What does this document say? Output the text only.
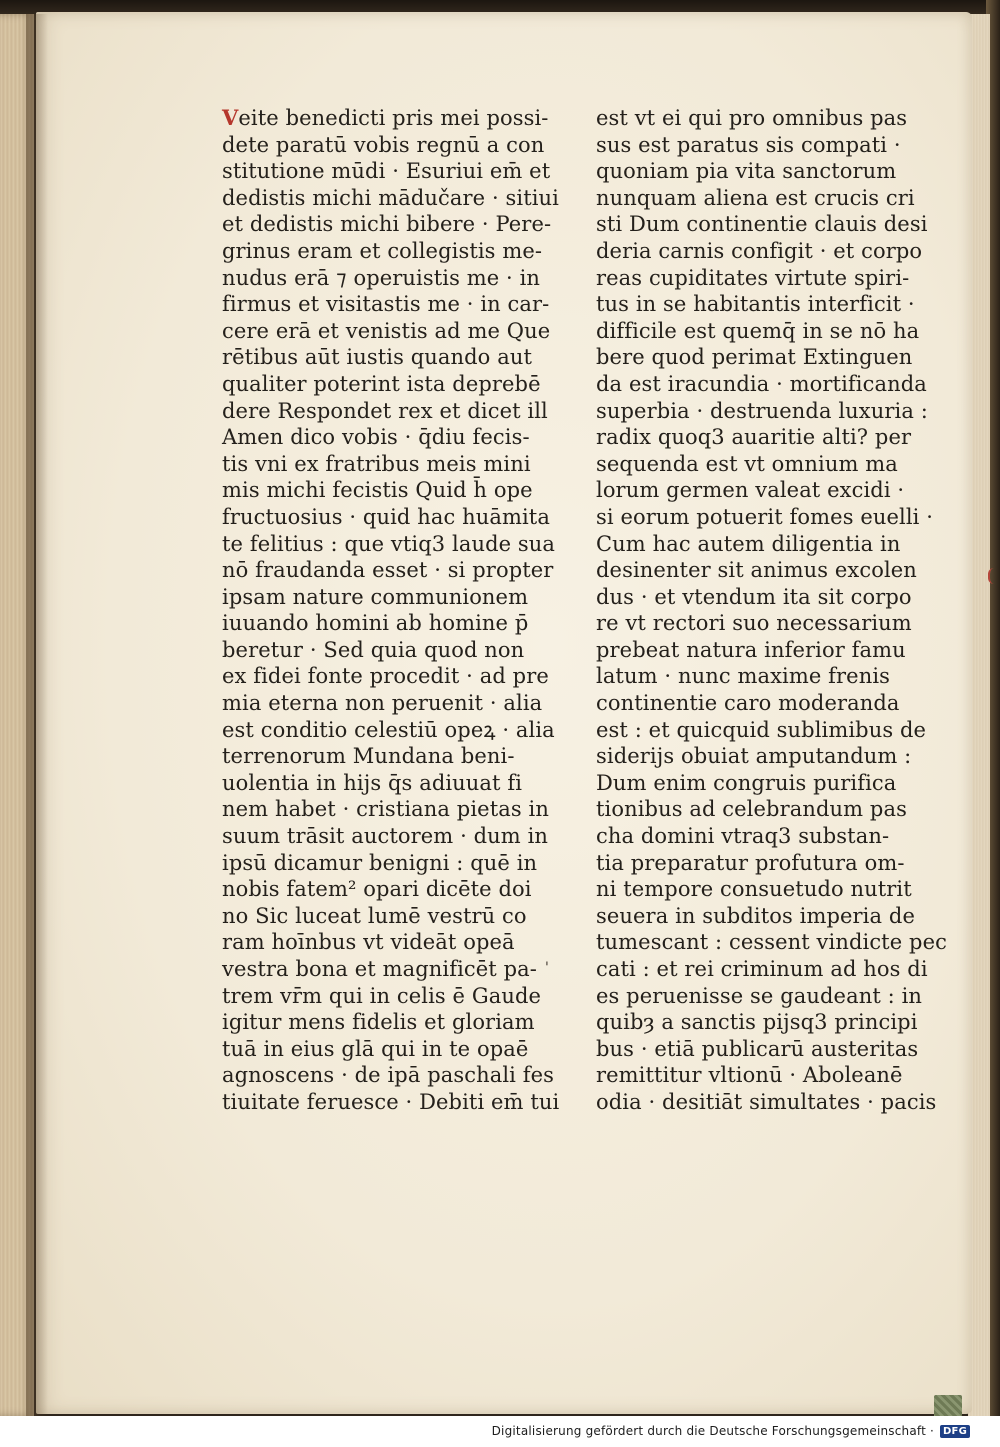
Veite benedicti pris mei possi-
dete paratū vobis regnū a con
stitutione mūdi · Esuriui em̄ et
dedistis michi mādučare · sitiui
et dedistis michi bibere · Pere-
grinus eram et collegistis me-
nudus erā ⁊ operuistis me · in
firmus et visitastis me · in car-
cere erā et venistis ad me Que
rētibus aūt iustis quando aut
qualiter poterint ista deprebē
dere Respondet rex et dicet ill
Amen dico vobis · q̄diu fecis-
tis vni ex fratribus meis mini
mis michi fecistis Quid h̄ ope
fructuosius · quid hac huāmita
te felitius : que vtiq3 laude sua
nō fraudanda esset · si propter
ipsam nature communionem
iuuando homini ab homine p̄
beretur · Sed quia quod non
ex fidei fonte procedit · ad pre
mia eterna non peruenit · alia
est conditio celestiū opeꝝ · alia
terrenorum Mundana beni-
uolentia in hijs q̄s adiuuat fi
nem habet · cristiana pietas in
suum trāsit auctorem · dum in
ipsū dicamur benigni : quē in
nobis fatem² opari dicēte doi
no Sic luceat lumē vestrū co
ram hoīnbus vt videāt opeā
vestra bona et magnificēt pa-
trem vr̄m qui in celis ē Gaude
igitur mens fidelis et gloriam
tuā in eius glā qui in te opaē
agnoscens · de ipā paschali fes
tiuitate feruesce · Debiti em̄ tui
est vt ei qui pro omnibus pas
sus est paratus sis compati ·
quoniam pia vita sanctorum
nunquam aliena est crucis cri
sti Dum continentie clauis desi
deria carnis configit · et corpo
reas cupiditates virtute spiri-
tus in se habitantis interficit ·
difficile est quemq̄ in se nō ha
bere quod perimat Extinguen
da est iracundia · mortificanda
superbia · destruenda luxuria :
radix quoq3 auaritie alti? per
sequenda est vt omnium ma
lorum germen valeat excidi ·
si eorum potuerit fomes euelli ·
Cum hac autem diligentia in
desinenter sit animus excolen
dus · et vtendum ita sit corpo
re vt rectori suo necessarium
prebeat natura inferior famu
latum · nunc maxime frenis
continentie caro moderanda
est : et quicquid sublimibus de
siderijs obuiat amputandum :
Dum enim congruis purifica
tionibus ad celebrandum pas
cha domini vtraq3 substan-
tia preparatur profutura om-
ni tempore consuetudo nutrit
seuera in subditos imperia de
tumescant : cessent vindicte pec
cati : et rei criminum ad hos di
es peruenisse se gaudeant : in
quibȝ a sanctis pijsq3 principi
bus · etiā publicarū austeritas
remittitur vltionū · Aboleanē
odia · desitiāt simultates · pacis
'
Digitalisierung gefördert durch die Deutsche Forschungsgemeinschaft · DFG
